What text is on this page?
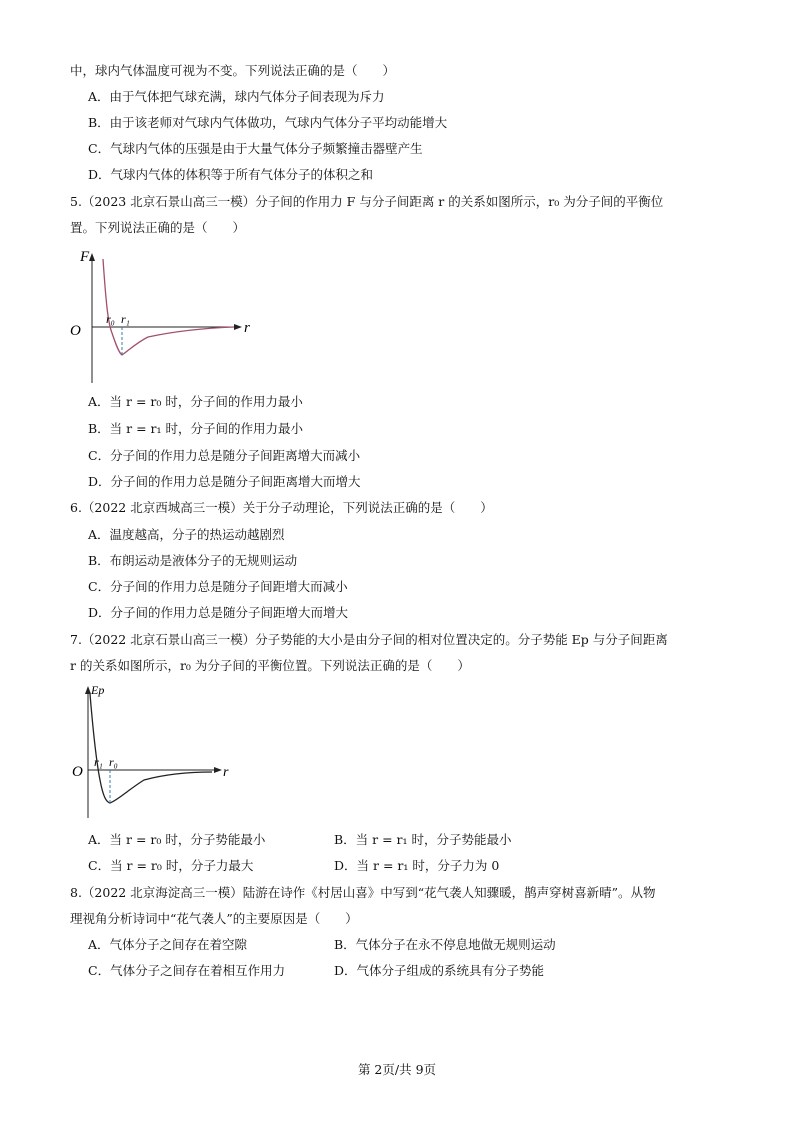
中，球内气体温度可视为不变。下列说法正确的是（　　）
A．由于气体把气球充满，球内气体分子间表现为斥力
B．由于该老师对气球内气体做功，气球内气体分子平均动能增大
C．气球内气体的压强是由于大量气体分子频繁撞击器壁产生
D．气球内气体的体积等于所有气体分子的体积之和
5.（2023 北京石景山高三一模）分子间的作用力 F 与分子间距离 r 的关系如图所示，r₀ 为分子间的平衡位
置。下列说法正确的是（　　）
F
O	r
r₀ r₁
A．当 r = r₀ 时，分子间的作用力最小
B．当 r = r₁ 时，分子间的作用力最小
C．分子间的作用力总是随分子间距离增大而减小
D．分子间的作用力总是随分子间距离增大而增大
6.（2022 北京西城高三一模）关于分子动理论，下列说法正确的是（　　）
A．温度越高，分子的热运动越剧烈
B．布朗运动是液体分子的无规则运动
C．分子间的作用力总是随分子间距增大而减小
D．分子间的作用力总是随分子间距增大而增大
7.（2022 北京石景山高三一模）分子势能的大小是由分子间的相对位置决定的。分子势能 Ep 与分子间距离
r 的关系如图所示，r₀ 为分子间的平衡位置。下列说法正确的是（　　）
Ep
O	r
r₁ r₀
A．当 r = r₀ 时，分子势能最小	B．当 r = r₁ 时，分子势能最小
C．当 r = r₀ 时，分子力最大	D．当 r = r₁ 时，分子力为 0
8.（2022 北京海淀高三一模）陆游在诗作《村居山喜》中写到“花气袭人知骤暖，鹊声穿树喜新晴”。从物
理视角分析诗词中“花气袭人”的主要原因是（　　）
A．气体分子之间存在着空隙	B．气体分子在永不停息地做无规则运动
C．气体分子之间存在着相互作用力	D．气体分子组成的系统具有分子势能
第 2页/共 9页
